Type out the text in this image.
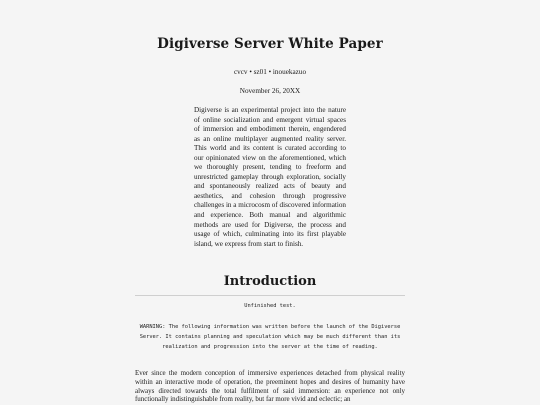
Digiverse Server White Paper

cvcv • sz01 • inouekazuo

November 26, 20XX

Digiverse is an experimental project into the nature of online socialization and emergent virtual spaces of immersion and embodiment therein, engendered as an online multiplayer augmented reality server. This world and its content is curated according to our opinionated view on the aforementioned, which we thoroughly present, tending to freeform and unrestricted gameplay through exploration, socially and spontaneously realized acts of beauty and aesthetics, and cohesion through progressive challenges in a microcosm of discovered information and experience. Both manual and algorithmic methods are used for Digiverse, the process and usage of which, culminating into its first playable island, we express from start to finish.

Introduction

Unfinished test.

WARNING: The following information was written before the launch of the Digiverse Server. It contains planning and speculation which may be much different than its realization and progression into the server at the time of reading.

Ever since the modern conception of immersive experiences detached from physical reality within an interactive mode of operation, the preeminent hopes and desires of humanity have always directed towards the total fulfilment of said immersion: an experience not only functionally indistinguishable from reality, but far more vivid and eclectic; an
